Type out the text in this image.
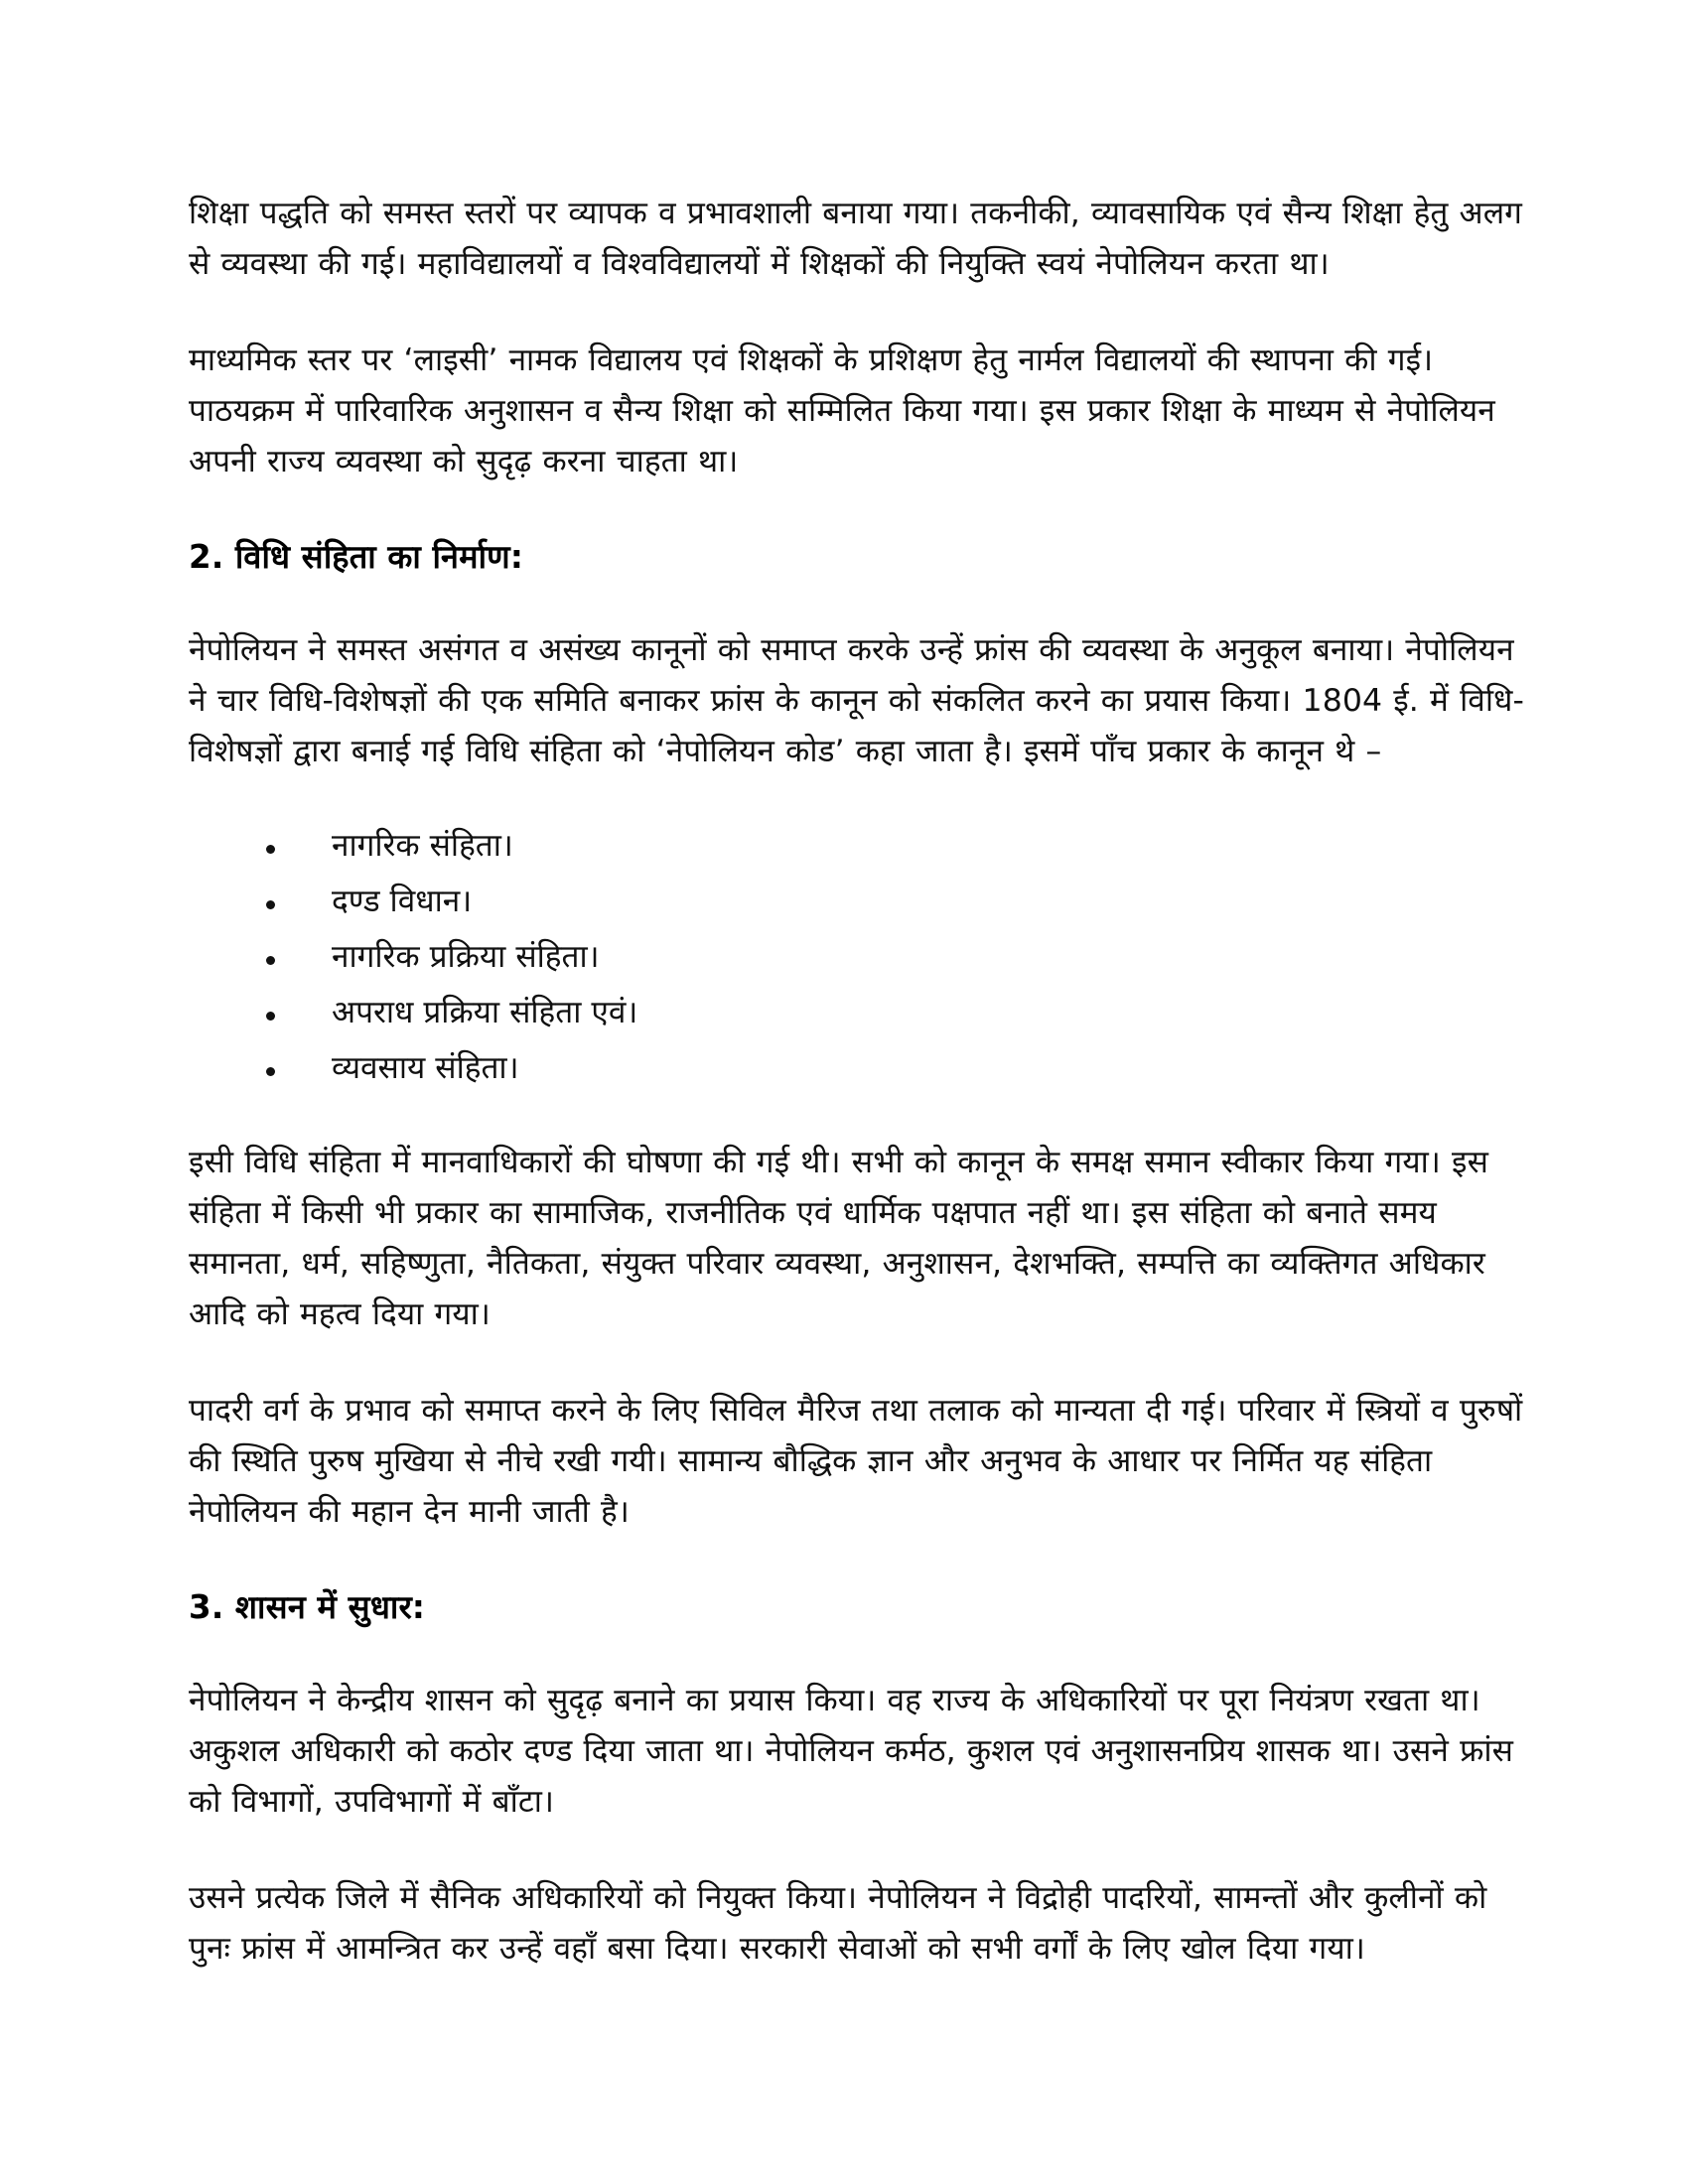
शिक्षा पद्धति को समस्त स्तरों पर व्यापक व प्रभावशाली बनाया गया। तकनीकी, व्यावसायिक एवं सैन्य शिक्षा हेतु अलग से व्यवस्था की गई। महाविद्यालयों व विश्वविद्यालयों में शिक्षकों की नियुक्ति स्वयं नेपोलियन करता था।

माध्यमिक स्तर पर ‘लाइसी’ नामक विद्यालय एवं शिक्षकों के प्रशिक्षण हेतु नार्मल विद्यालयों की स्थापना की गई। पाठयक्रम में पारिवारिक अनुशासन व सैन्य शिक्षा को सम्मिलित किया गया। इस प्रकार शिक्षा के माध्यम से नेपोलियन अपनी राज्य व्यवस्था को सुदृढ़ करना चाहता था।

2. विधि संहिता का निर्माण:

नेपोलियन ने समस्त असंगत व असंख्य कानूनों को समाप्त करके उन्हें फ्रांस की व्यवस्था के अनुकूल बनाया। नेपोलियन ने चार विधि-विशेषज्ञों की एक समिति बनाकर फ्रांस के कानून को संकलित करने का प्रयास किया। 1804 ई. में विधि-विशेषज्ञों द्वारा बनाई गई विधि संहिता को ‘नेपोलियन कोड’ कहा जाता है। इसमें पाँच प्रकार के कानून थे –

नागरिक संहिता।
दण्ड विधान।
नागरिक प्रक्रिया संहिता।
अपराध प्रक्रिया संहिता एवं।
व्यवसाय संहिता।

इसी विधि संहिता में मानवाधिकारों की घोषणा की गई थी। सभी को कानून के समक्ष समान स्वीकार किया गया। इस संहिता में किसी भी प्रकार का सामाजिक, राजनीतिक एवं धार्मिक पक्षपात नहीं था। इस संहिता को बनाते समय समानता, धर्म, सहिष्णुता, नैतिकता, संयुक्त परिवार व्यवस्था, अनुशासन, देशभक्ति, सम्पत्ति का व्यक्तिगत अधिकार आदि को महत्व दिया गया।

पादरी वर्ग के प्रभाव को समाप्त करने के लिए सिविल मैरिज तथा तलाक को मान्यता दी गई। परिवार में स्त्रियों व पुरुषों की स्थिति पुरुष मुखिया से नीचे रखी गयी। सामान्य बौद्धिक ज्ञान और अनुभव के आधार पर निर्मित यह संहिता नेपोलियन की महान देन मानी जाती है।

3. शासन में सुधार:

नेपोलियन ने केन्द्रीय शासन को सुदृढ़ बनाने का प्रयास किया। वह राज्य के अधिकारियों पर पूरा नियंत्रण रखता था। अकुशल अधिकारी को कठोर दण्ड दिया जाता था। नेपोलियन कर्मठ, कुशल एवं अनुशासनप्रिय शासक था। उसने फ्रांस को विभागों, उपविभागों में बाँटा।

उसने प्रत्येक जिले में सैनिक अधिकारियों को नियुक्त किया। नेपोलियन ने विद्रोही पादरियों, सामन्तों और कुलीनों को पुनः फ्रांस में आमन्त्रित कर उन्हें वहाँ बसा दिया। सरकारी सेवाओं को सभी वर्गों के लिए खोल दिया गया।
